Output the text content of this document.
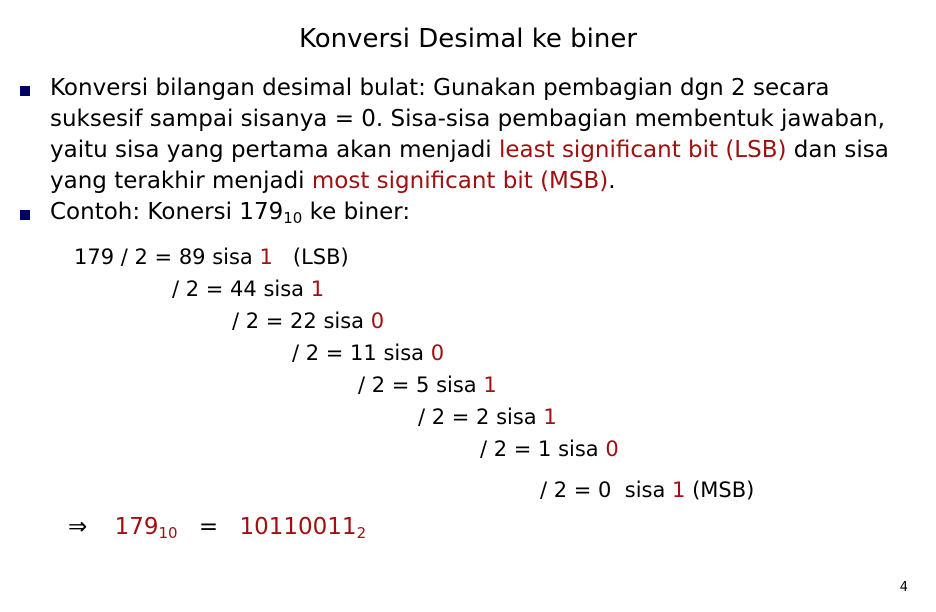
Konversi Desimal ke biner
Konversi bilangan desimal bulat: Gunakan pembagian dgn 2 secara suksesif sampai sisanya = 0. Sisa-sisa pembagian membentuk jawaban, yaitu sisa yang pertama akan menjadi least significant bit (LSB) dan sisa yang terakhir menjadi most significant bit (MSB).
Contoh: Konersi $179_{10}$ ke biner:
179 / 2 = 89 sisa 1   (LSB)
/ 2 = 44 sisa 1
/ 2 = 22 sisa 0
/ 2 = 11 sisa 0
/ 2 = 5 sisa 1
/ 2 = 2 sisa 1
/ 2 = 1 sisa 0
/ 2 = 0  sisa 1 (MSB)
⇒ $179_{10} = 10110011_2$
4
